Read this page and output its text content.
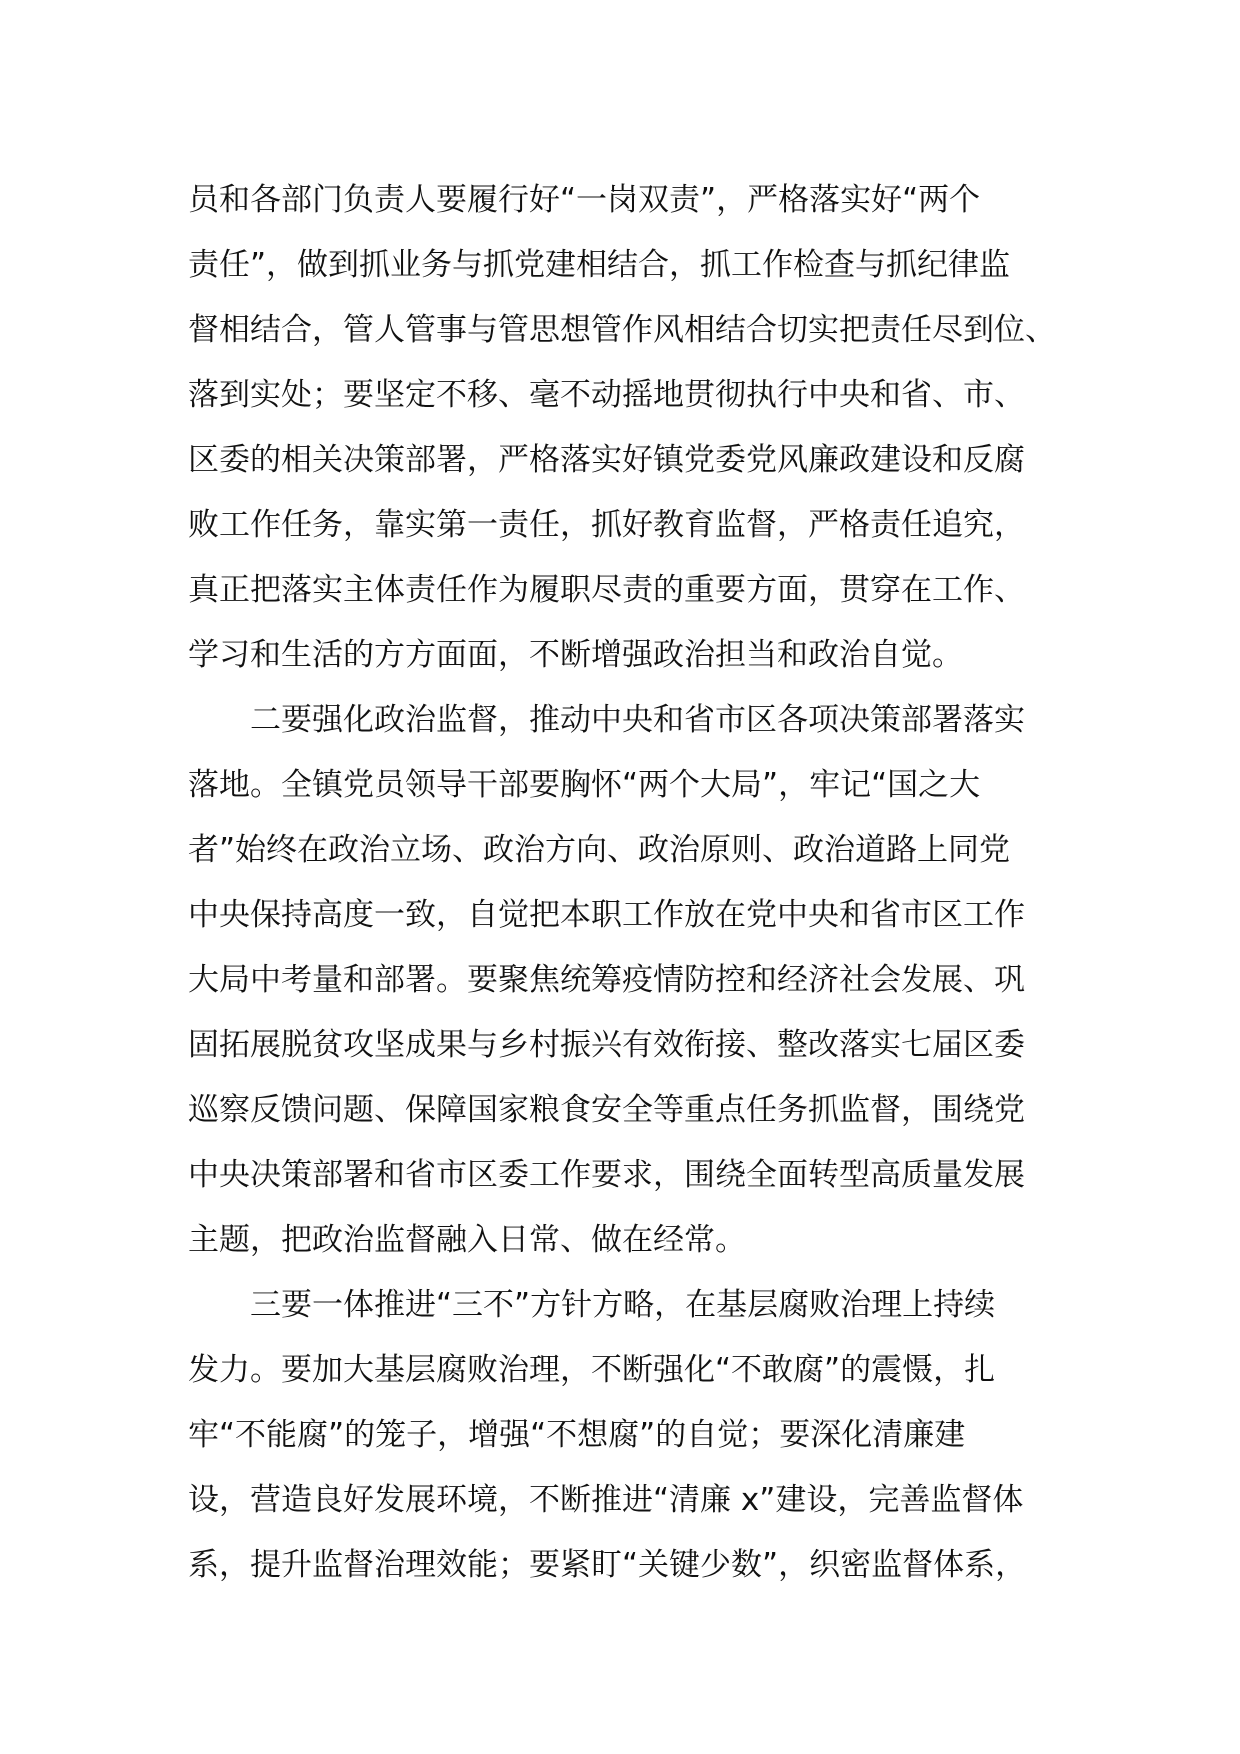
员和各部门负责人要履行好“一岗双责”，严格落实好“两个
责任”，做到抓业务与抓党建相结合，抓工作检查与抓纪律监
督相结合，管人管事与管思想管作风相结合切实把责任尽到位、
落到实处；要坚定不移、毫不动摇地贯彻执行中央和省、市、
区委的相关决策部署，严格落实好镇党委党风廉政建设和反腐
败工作任务，靠实第一责任，抓好教育监督，严格责任追究，
真正把落实主体责任作为履职尽责的重要方面，贯穿在工作、
学习和生活的方方面面，不断增强政治担当和政治自觉。
二要强化政治监督，推动中央和省市区各项决策部署落实
落地。全镇党员领导干部要胸怀“两个大局”，牢记“国之大
者”始终在政治立场、政治方向、政治原则、政治道路上同党
中央保持高度一致，自觉把本职工作放在党中央和省市区工作
大局中考量和部署。要聚焦统筹疫情防控和经济社会发展、巩
固拓展脱贫攻坚成果与乡村振兴有效衔接、整改落实七届区委
巡察反馈问题、保障国家粮食安全等重点任务抓监督，围绕党
中央决策部署和省市区委工作要求，围绕全面转型高质量发展
主题，把政治监督融入日常、做在经常。
三要一体推进“三不”方针方略，在基层腐败治理上持续
发力。要加大基层腐败治理，不断强化“不敢腐”的震慑，扎
牢“不能腐”的笼子，增强“不想腐”的自觉；要深化清廉建
设，营造良好发展环境，不断推进“清廉 x”建设，完善监督体
系，提升监督治理效能；要紧盯“关键少数”，织密监督体系，
